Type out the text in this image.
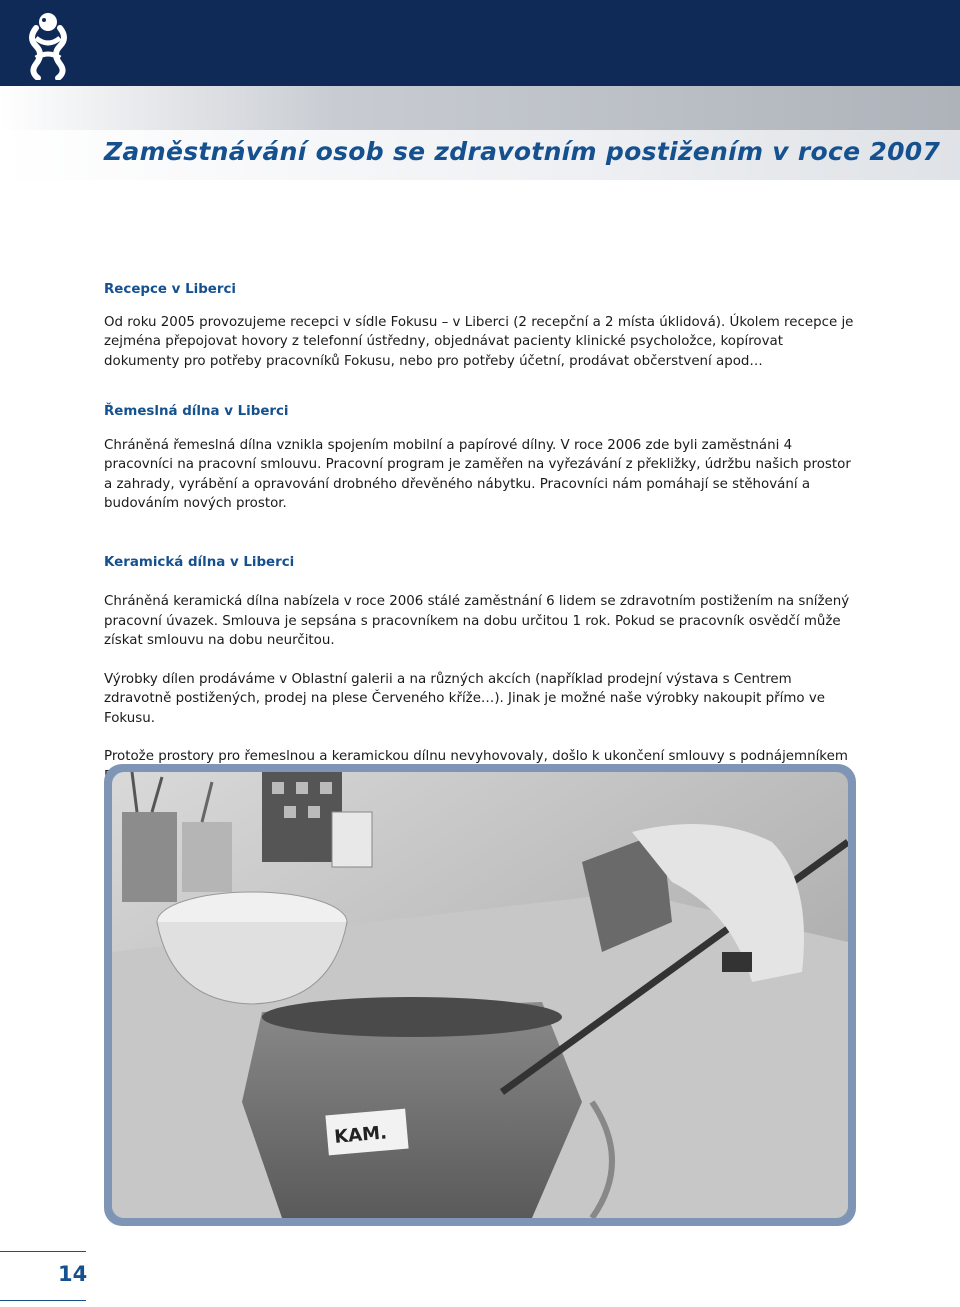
Zaměstnávání osob se zdravotním postižením v roce 2007
Recepce v Liberci

Od roku 2005 provozujeme recepci v sídle Fokusu – v Liberci (2 recepční a 2 místa úklidová). Úkolem recepce je zejména přepojovat hovory z telefonní ústředny, objednávat pacienty klinické psycholožce, kopírovat dokumenty pro potřeby pracovníků Fokusu, nebo pro potřeby účetní, prodávat občerstvení apod…

Řemeslná dílna v Liberci

Chráněná řemeslná dílna vznikla spojením mobilní a papírové dílny. V roce 2006 zde byli zaměstnáni 4 pracovníci na pracovní smlouvu. Pracovní program je zaměřen na vyřezávání z překližky, údržbu našich prostor a zahrady, vyrábění a opravování drobného dřevěného nábytku. Pracovníci nám pomáhají se stěhování a budováním nových prostor.

Keramická dílna v Liberci

Chráněná keramická dílna nabízela v roce 2006 stálé zaměstnání 6 lidem se zdravotním postižením na snížený pracovní úvazek. Smlouva je sepsána s pracovníkem na dobu určitou 1 rok. Pokud se pracovník osvědčí může získat smlouvu na dobu neurčitou.

Výrobky dílen prodáváme v Oblastní galerii a na různých akcích (například prodejní výstava s Centrem zdravotně postižených, prodej na plese Červeného kříže…). Jinak je možné naše výrobky nakoupit přímo ve Fokusu.

Protože prostory pro řemeslnou a keramickou dílnu nevyhovovaly, došlo k ukončení smlouvy s podnájemníkem

KAM.
14
